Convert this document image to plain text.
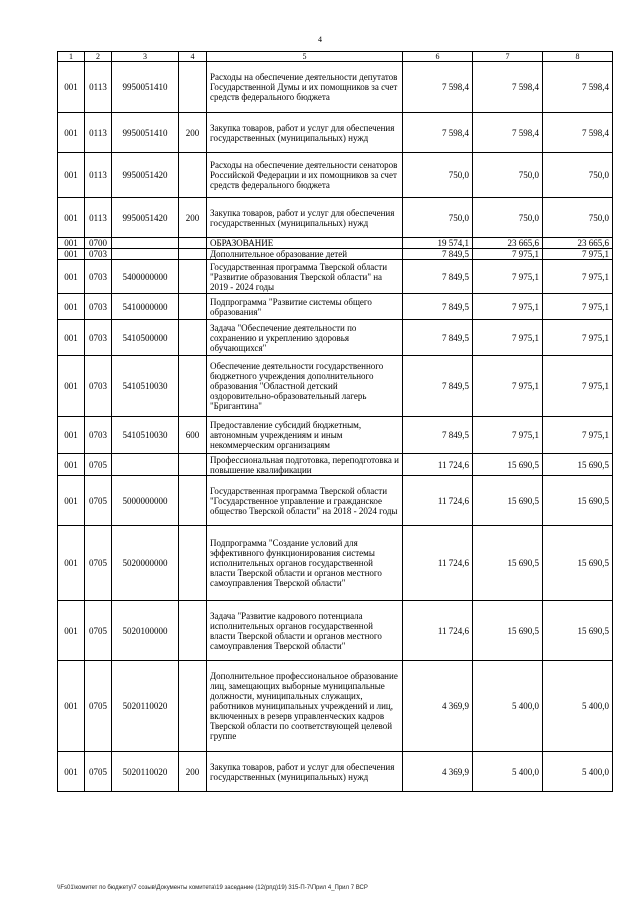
4
1	2	3	4	5	6	7	8
001	0113	9950051410		Расходы на обеспечение деятельности депутатов Государственной Думы и их помощников за счет средств федерального бюджета	7 598,4	7 598,4	7 598,4
001	0113	9950051410	200	Закупка товаров, работ и услуг для обеспечения государственных (муниципальных) нужд	7 598,4	7 598,4	7 598,4
001	0113	9950051420		Расходы на обеспечение деятельности сенаторов Российской Федерации и их помощников за счет средств федерального бюджета	750,0	750,0	750,0
001	0113	9950051420	200	Закупка товаров, работ и услуг для обеспечения государственных (муниципальных) нужд	750,0	750,0	750,0
001	0700			ОБРАЗОВАНИЕ	19 574,1	23 665,6	23 665,6
001	0703			Дополнительное образование детей	7 849,5	7 975,1	7 975,1
001	0703	5400000000		Государственная программа Тверской области "Развитие образования Тверской области" на 2019 - 2024 годы	7 849,5	7 975,1	7 975,1
001	0703	5410000000		Подпрограмма "Развитие системы общего образования"	7 849,5	7 975,1	7 975,1
001	0703	5410500000		Задача "Обеспечение деятельности по сохранению и укреплению здоровья обучающихся"	7 849,5	7 975,1	7 975,1
001	0703	5410510030		Обеспечение деятельности государственного бюджетного учреждения дополнительного образования "Областной детский оздоровительно-образовательный лагерь "Бригантина"	7 849,5	7 975,1	7 975,1
001	0703	5410510030	600	Предоставление субсидий бюджетным, автономным учреждениям и иным некоммерческим организациям	7 849,5	7 975,1	7 975,1
001	0705			Профессиональная подготовка, переподготовка и повышение квалификации	11 724,6	15 690,5	15 690,5
001	0705	5000000000		Государственная программа Тверской области "Государственное управление и гражданское общество Тверской области" на 2018 - 2024 годы	11 724,6	15 690,5	15 690,5
001	0705	5020000000		Подпрограмма "Создание условий для эффективного функционирования системы исполнительных органов государственной власти Тверской области и органов местного самоуправления Тверской области"	11 724,6	15 690,5	15 690,5
001	0705	5020100000		Задача "Развитие кадрового потенциала исполнительных органов государственной власти Тверской области и органов местного самоуправления Тверской области"	11 724,6	15 690,5	15 690,5
001	0705	5020110020		Дополнительное профессиональное образование лиц, замещающих выборные муниципальные должности, муниципальных служащих, работников муниципальных учреждений и лиц, включенных в резерв управленческих кадров Тверской области по соответствующей целевой группе	4 369,9	5 400,0	5 400,0
001	0705	5020110020	200	Закупка товаров, работ и услуг для обеспечения государственных (муниципальных) нужд	4 369,9	5 400,0	5 400,0
\\Fs01\комитет по бюджету\7 созыв\Документы комитета\19 заседание (12(рпд)19) 315-П-7\Прил 4_Прил 7 ВСР
